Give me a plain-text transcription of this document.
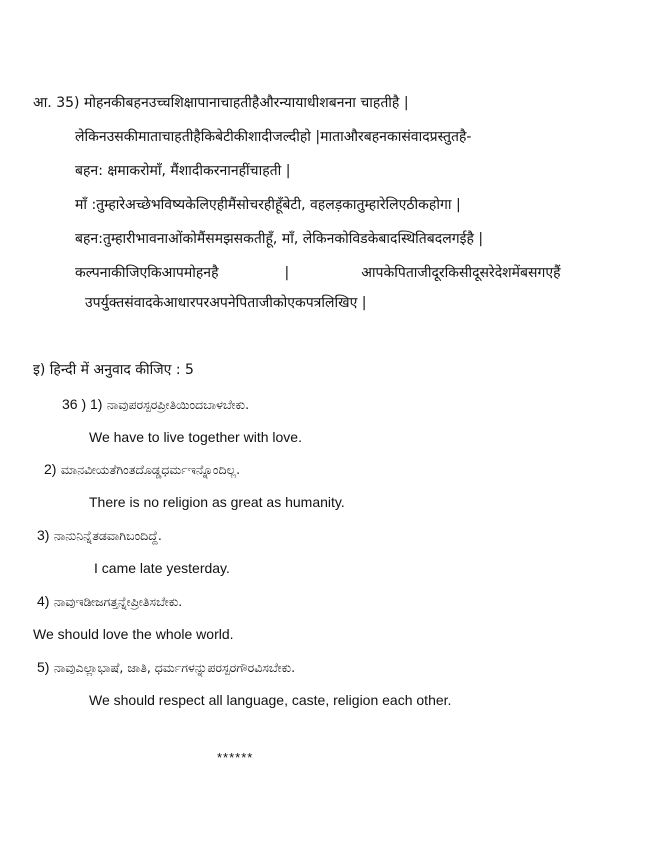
आ. 35) मोहनकीबहनउच्चशिक्षापानाचाहतीहैऔरन्यायाधीशबनना चाहतीहै |
लेकिनउसकीमाताचाहतीहैकिबेटीकीशादीजल्दीहो |माताऔरबहनकासंवादप्रस्तुतहै-
बहन: क्षमाकरोमाँ, मैंशादीकरनानहींचाहती |
माँ :तुम्हारेअच्छेभविष्यकेलिएहीमैंसोचरहीहूँबेटी, वहलड़कातुम्हारेलिएठीकहोगा |
बहन:तुम्हारीभावनाओंकोमैंसमझसकतीहूँ, माँ, लेकिनकोविडकेबादस्थितिबदलगईहै |
कल्पनाकीजिएकिआपमोहनहै	|	आपकेपिताजीदूरकिसीदूसरेदेशमेंबसगएहैं
उपर्युक्तसंवादकेआधारपरअपनेपिताजीकोएकपत्रलिखिए |
इ) हिन्दी में अनुवाद कीजिए : 5
36 ) 1) ನಾವುಪರಸ್ಪರಪ್ರೀತಿಯಿಂದಬಾಳಬೇಕು.
We have to live together with love.
2) ಮಾನವೀಯತೆಗಿಂತದೊಡ್ಡಧರ್ಮಇನ್ನೊಂದಿಲ್ಲ.
There is no religion as great as humanity.
3) ನಾನುನಿನ್ನೆತಡವಾಗಿಬಂದಿದ್ದೆ.
I came late yesterday.
4) ನಾವುಇಡೀಜಗತ್ತನ್ನೇಪ್ರೀತಿಸಬೇಕು.
We should love the whole world.
5) ನಾವುಎಲ್ಲಾಭಾಷೆ, ಜಾತಿ, ಧರ್ಮಗಳನ್ನುಪರಸ್ಪರಗೌರವಿಸಬೇಕು.
We should respect all language, caste, religion each other.
******
